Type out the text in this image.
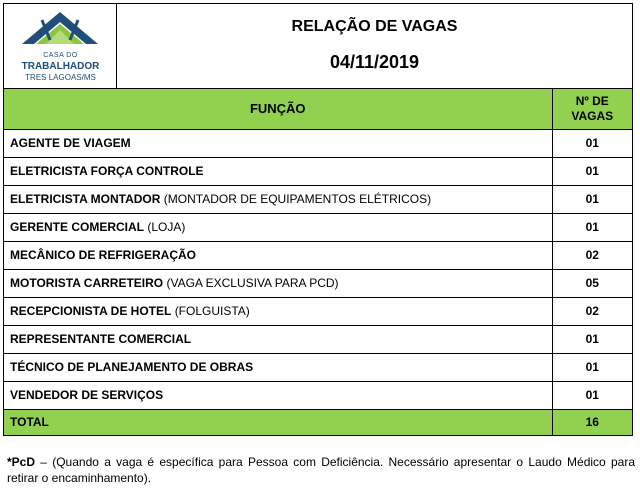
CASA DO
TRABALHADOR
TRES LAGOAS/MS
RELAÇÃO DE VAGAS
04/11/2019
FUNÇÃO	Nº DE
VAGAS
AGENTE DE VIAGEM	01
ELETRICISTA FORÇA CONTROLE	01
ELETRICISTA MONTADOR (MONTADOR DE EQUIPAMENTOS ELÉTRICOS)	01
GERENTE COMERCIAL (LOJA)	01
MECÂNICO DE REFRIGERAÇÃO	02
MOTORISTA CARRETEIRO (VAGA EXCLUSIVA PARA PCD)	05
RECEPCIONISTA DE HOTEL (FOLGUISTA)	02
REPRESENTANTE COMERCIAL	01
TÉCNICO DE PLANEJAMENTO DE OBRAS	01
VENDEDOR DE SERVIÇOS	01
TOTAL	16
*PcD – (Quando a vaga é específica para Pessoa com Deficiência. Necessário apresentar o Laudo Médico para retirar o encaminhamento).
